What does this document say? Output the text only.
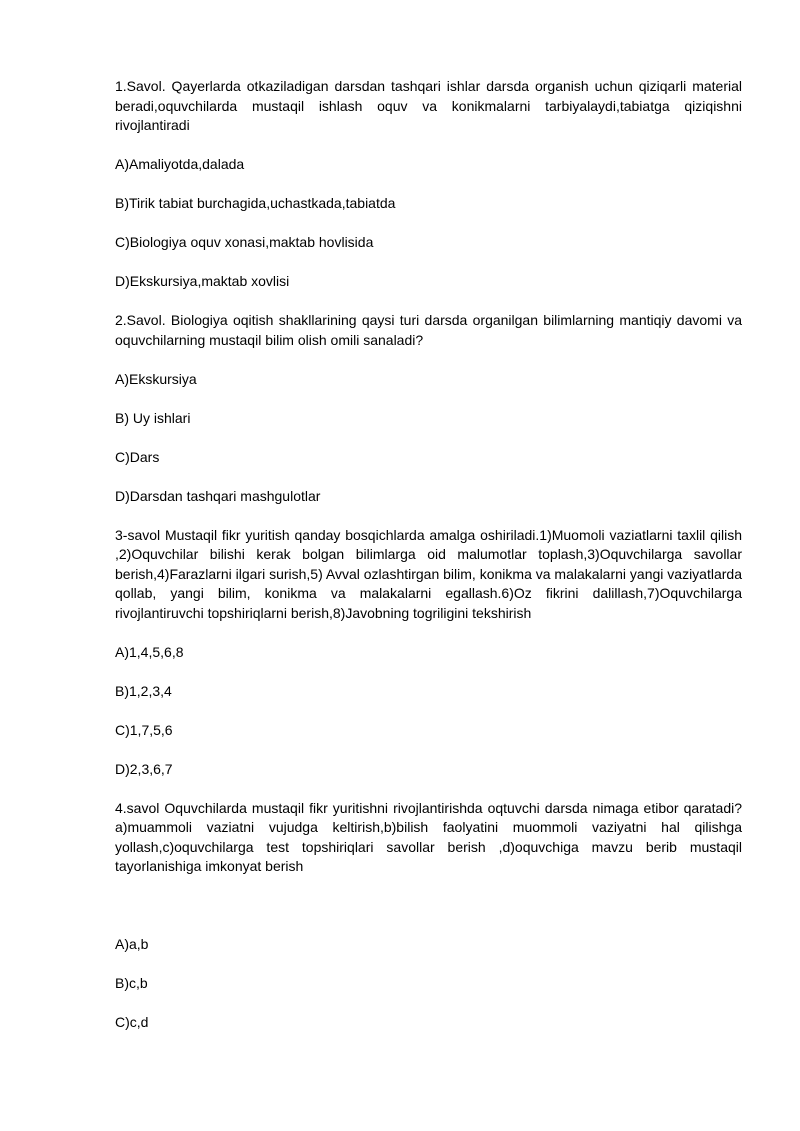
1.Savol. Qayerlarda otkaziladigan darsdan tashqari ishlar darsda organish uchun qiziqarli material beradi,oquvchilarda mustaqil ishlash oquv va konikmalarni tarbiyalaydi,tabiatga qiziqishni rivojlantiradi

A)Amaliyotda,dalada

B)Tirik tabiat burchagida,uchastkada,tabiatda

C)Biologiya oquv xonasi,maktab hovlisida

D)Ekskursiya,maktab xovlisi

2.Savol. Biologiya oqitish shakllarining qaysi turi darsda organilgan bilimlarning mantiqiy davomi va oquvchilarning mustaqil bilim olish omili sanaladi?

A)Ekskursiya

B) Uy ishlari

C)Dars

D)Darsdan tashqari mashgulotlar

3-savol Mustaqil fikr yuritish qanday bosqichlarda amalga oshiriladi.1)Muomoli vaziatlarni taxlil qilish ,2)Oquvchilar bilishi kerak bolgan bilimlarga oid malumotlar toplash,3)Oquvchilarga savollar berish,4)Farazlarni ilgari surish,5) Avval ozlashtirgan bilim, konikma va malakalarni yangi vaziyatlarda qollab, yangi bilim, konikma va malakalarni egallash.6)Oz fikrini dalillash,7)Oquvchilarga rivojlantiruvchi topshiriqlarni berish,8)Javobning togriligini tekshirish

A)1,4,5,6,8

B)1,2,3,4

C)1,7,5,6

D)2,3,6,7

4.savol Oquvchilarda mustaqil fikr yuritishni rivojlantirishda oqtuvchi darsda nimaga etibor qaratadi?a)muammoli vaziatni vujudga keltirish,b)bilish faolyatini muommoli vaziyatni hal qilishga yollash,c)oquvchilarga test topshiriqlari savollar berish ,d)oquvchiga mavzu berib mustaqil tayorlanishiga imkonyat berish

A)a,b

B)c,b

C)c,d
